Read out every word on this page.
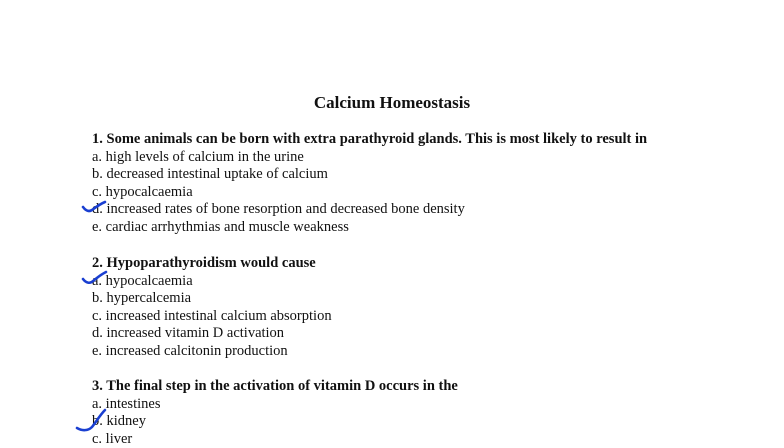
Calcium Homeostasis
1. Some animals can be born with extra parathyroid glands. This is most likely to result in
a. high levels of calcium in the urine
b. decreased intestinal uptake of calcium
c. hypocalcaemia
d. increased rates of bone resorption and decreased bone density
e. cardiac arrhythmias and muscle weakness
2. Hypoparathyroidism would cause
a. hypocalcaemia
b. hypercalcemia
c. increased intestinal calcium absorption
d. increased vitamin D activation
e. increased calcitonin production
3. The final step in the activation of vitamin D occurs in the
a. intestines
b. kidney
c. liver
